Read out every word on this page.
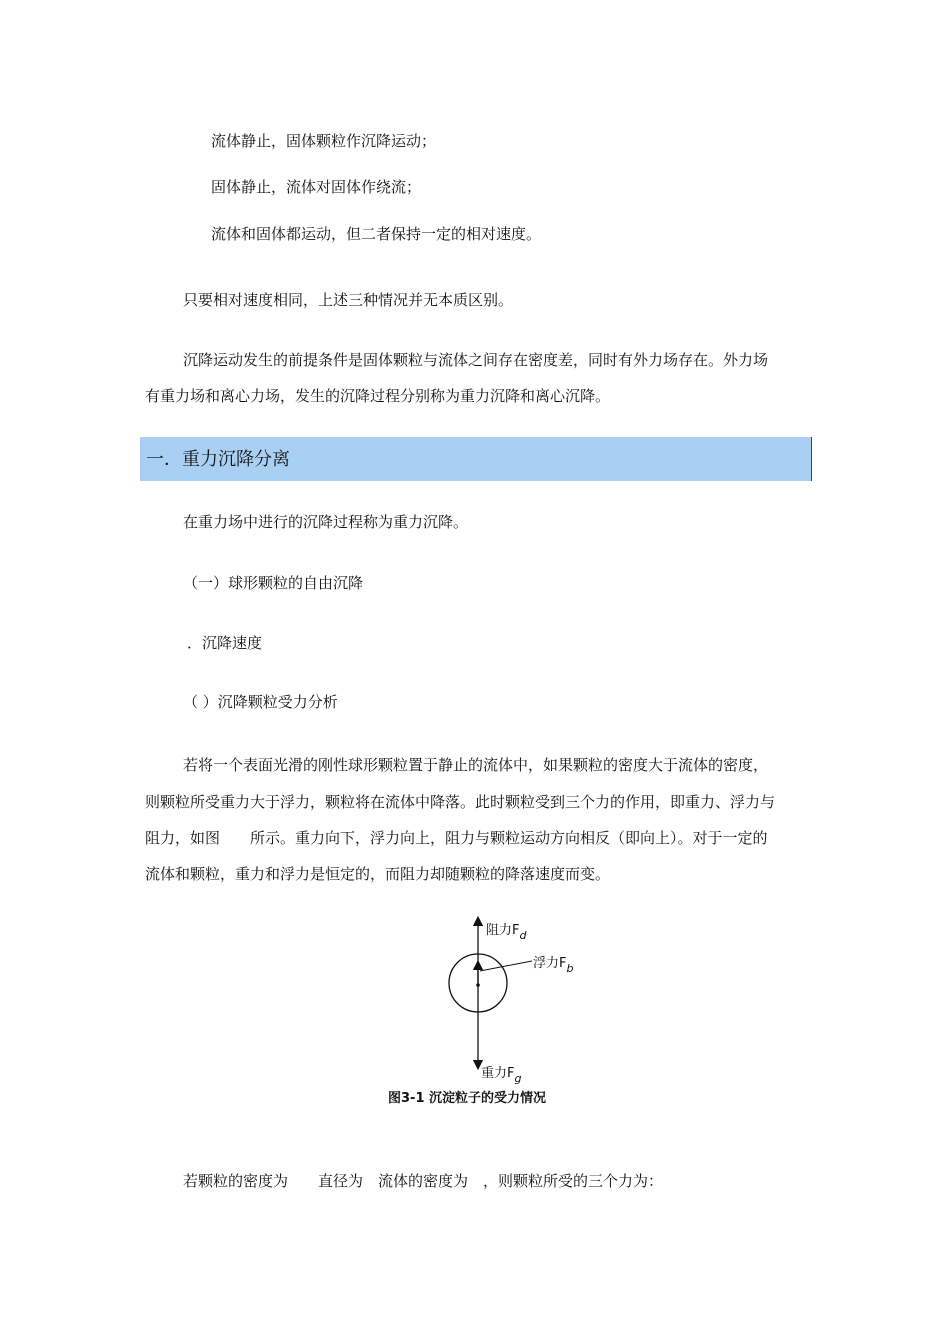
流体静止，固体颗粒作沉降运动；
固体静止，流体对固体作绕流；
流体和固体都运动，但二者保持一定的相对速度。
只要相对速度相同，上述三种情况并无本质区别。
沉降运动发生的前提条件是固体颗粒与流体之间存在密度差，同时有外力场存在。外力场
有重力场和离心力场，发生的沉降过程分别称为重力沉降和离心沉降。
一．重力沉降分离
在重力场中进行的沉降过程称为重力沉降。
（一）球形颗粒的自由沉降
．沉降速度
（ ）沉降颗粒受力分析
若将一个表面光滑的刚性球形颗粒置于静止的流体中，如果颗粒的密度大于流体的密度，
则颗粒所受重力大于浮力，颗粒将在流体中降落。此时颗粒受到三个力的作用，即重力、浮力与
阻力，如图　　所示。重力向下，浮力向上，阻力与颗粒运动方向相反（即向上）。对于一定的
流体和颗粒，重力和浮力是恒定的，而阻力却随颗粒的降落速度而变。
阻力$F_d$
浮力$F_b$
重力$F_g$
图3-1 沉淀粒子的受力情况
若颗粒的密度为　　直径为　流体的密度为　，则颗粒所受的三个力为：
